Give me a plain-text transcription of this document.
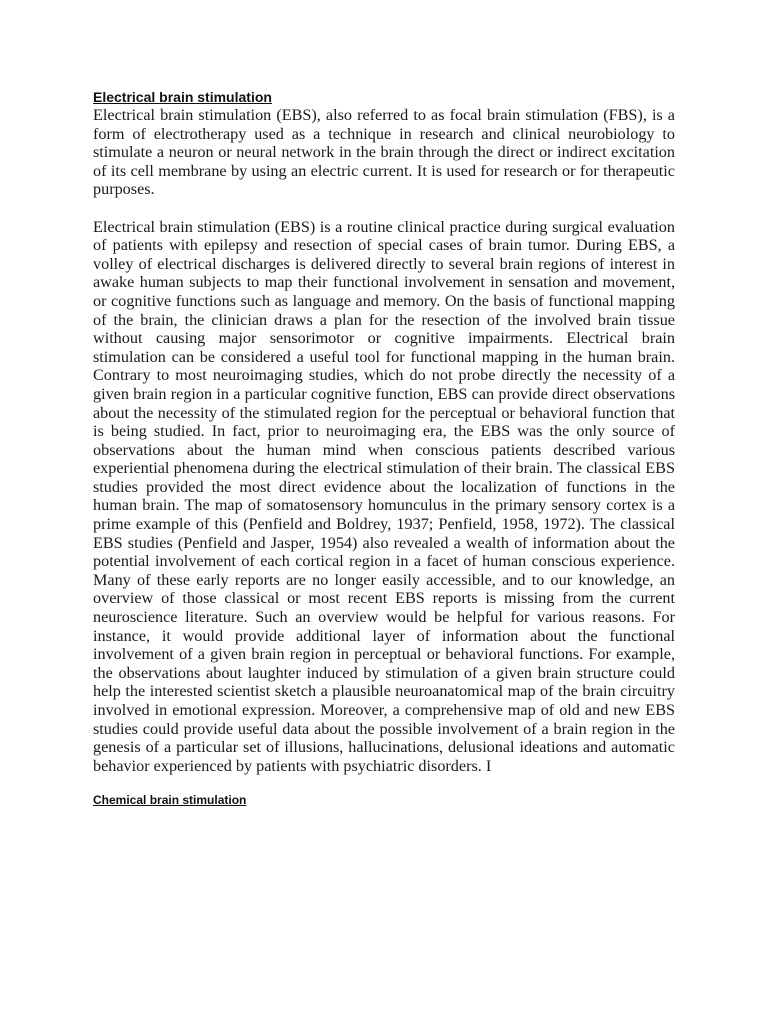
Electrical brain stimulation

Electrical brain stimulation (EBS), also referred to as focal brain stimulation (FBS), is a form of electrotherapy used as a technique in research and clinical neurobiology to stimulate a neuron or neural network in the brain through the direct or indirect excitation of its cell membrane by using an electric current. It is used for research or for therapeutic purposes.

Electrical brain stimulation (EBS) is a routine clinical practice during surgical evaluation of patients with epilepsy and resection of special cases of brain tumor. During EBS, a volley of electrical discharges is delivered directly to several brain regions of interest in awake human subjects to map their functional involvement in sensation and movement, or cognitive functions such as language and memory. On the basis of functional mapping of the brain, the clinician draws a plan for the resection of the involved brain tissue without causing major sensorimotor or cognitive impairments. Electrical brain stimulation can be considered a useful tool for functional mapping in the human brain. Contrary to most neuroimaging studies, which do not probe directly the necessity of a given brain region in a particular cognitive function, EBS can provide direct observations about the necessity of the stimulated region for the perceptual or behavioral function that is being studied. In fact, prior to neuroimaging era, the EBS was the only source of observations about the human mind when conscious patients described various experiential phenomena during the electrical stimulation of their brain. The classical EBS studies provided the most direct evidence about the localization of functions in the human brain. The map of somatosensory homunculus in the primary sensory cortex is a prime example of this (Penfield and Boldrey, 1937; Penfield, 1958, 1972). The classical EBS studies (Penfield and Jasper, 1954) also revealed a wealth of information about the potential involvement of each cortical region in a facet of human conscious experience. Many of these early reports are no longer easily accessible, and to our knowledge, an overview of those classical or most recent EBS reports is missing from the current neuroscience literature. Such an overview would be helpful for various reasons. For instance, it would provide additional layer of information about the functional involvement of a given brain region in perceptual or behavioral functions. For example, the observations about laughter induced by stimulation of a given brain structure could help the interested scientist sketch a plausible neuroanatomical map of the brain circuitry involved in emotional expression. Moreover, a comprehensive map of old and new EBS studies could provide useful data about the possible involvement of a brain region in the genesis of a particular set of illusions, hallucinations, delusional ideations and automatic behavior experienced by patients with psychiatric disorders. I

Chemical brain stimulation
